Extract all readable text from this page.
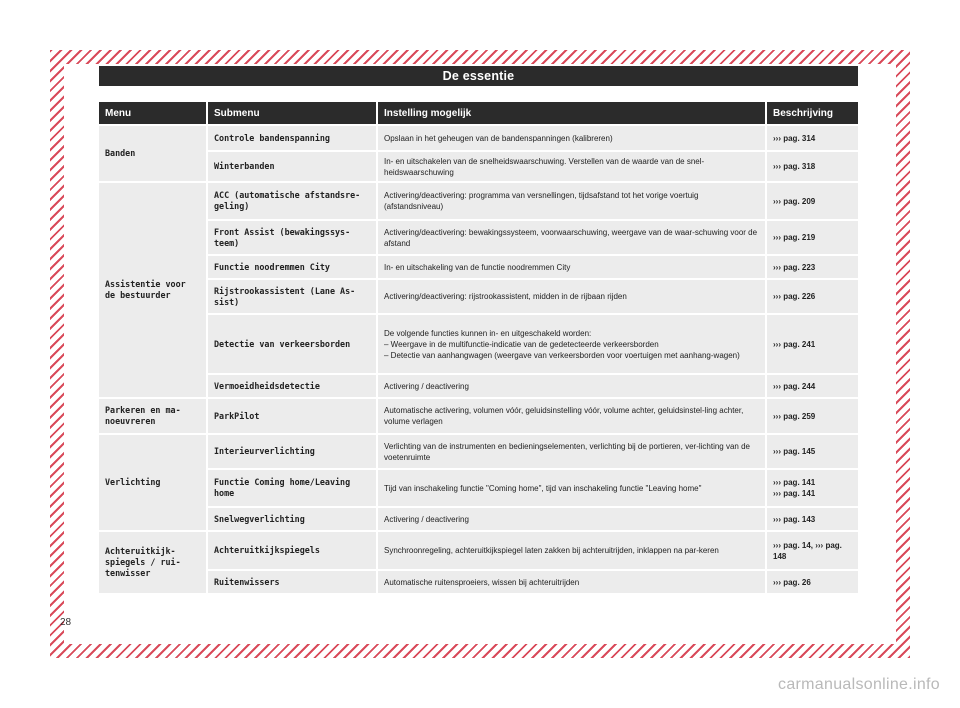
De essentie
Menu	Submenu	Instelling mogelijk	Beschrijving
Banden	Controle bandenspanning	Opslaan in het geheugen van de bandenspanningen (kalibreren)	››› pag. 314
	Winterbanden	In- en uitschakelen van de snelheidswaarschuwing. Verstellen van de waarde van de snel-heidswaarschuwing	››› pag. 318
Assistentie voor de bestuurder	ACC (automatische afstandsre-geling)	Activering/deactivering: programma van versnellingen, tijdsafstand tot het vorige voertuig (afstandsniveau)	››› pag. 209
	Front Assist (bewakingssys-teem)	Activering/deactivering: bewakingssysteem, voorwaarschuwing, weergave van de waar-schuwing voor de afstand	››› pag. 219
	Functie noodremmen City	In- en uitschakeling van de functie noodremmen City	››› pag. 223
	Rijstrookassistent (Lane As-sist)	Activering/deactivering: rijstrookassistent, midden in de rijbaan rijden	››› pag. 226
	Detectie van verkeersborden	De volgende functies kunnen in- en uitgeschakeld worden:
– Weergave in de multifunctie-indicatie van de gedetecteerde verkeersborden
– Detectie van aanhangwagen (weergave van verkeersborden voor voertuigen met aanhang-wagen)	››› pag. 241
	Vermoeidheidsdetectie	Activering / deactivering	››› pag. 244
Parkeren en ma-noeuvreren	ParkPilot	Automatische activering, volumen vóór, geluidsinstelling vóór, volume achter, geluidsinstel-ling achter, volume verlagen	››› pag. 259
Verlichting	Interieurverlichting	Verlichting van de instrumenten en bedieningselementen, verlichting bij de portieren, ver-lichting van de voetenruimte	››› pag. 145
	Functie Coming home/Leaving home	Tijd van inschakeling functie "Coming home", tijd van inschakeling functie "Leaving home"	››› pag. 141
››› pag. 141
	Snelwegverlichting	Activering / deactivering	››› pag. 143
Achteruitkijk-spiegels / rui-tenwisser	Achteruitkijkspiegels	Synchroonregeling, achteruitkijkspiegel laten zakken bij achteruitrijden, inklappen na par-keren	››› pag. 14, ››› pag. 148
	Ruitenwissers	Automatische ruitensproeiers, wissen bij achteruitrijden	››› pag. 26
28
carmanualsonline.info
